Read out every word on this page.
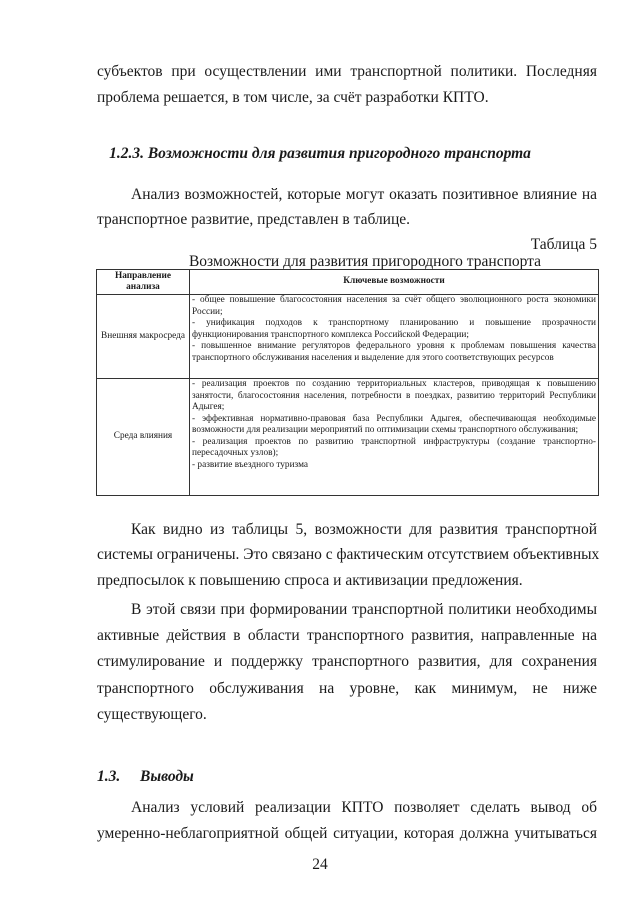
субъектов при осуществлении ими транспортной политики. Последняя
проблема решается, в том числе, за счёт разработки КПТО.
1.2.3. Возможности для развития пригородного транспорта
Анализ возможностей, которые могут оказать позитивное влияние на
транспортное развитие, представлен в таблице.
Таблица 5
Возможности для развития пригородного транспорта
Направление анализа	Ключевые возможности
Внешняя макросреда	- общее повышение благосостояния населения за счёт общего эволюционного роста экономики России;
- унификация подходов к транспортному планированию и повышение прозрачности функционирования транспортного комплекса Российской Федерации;
- повышенное внимание регуляторов федерального уровня к проблемам повышения качества транспортного обслуживания населения и выделение для этого соответствующих ресурсов

Среда влияния	- реализация проектов по созданию территориальных кластеров, приводящая к повышению занятости, благосостояния населения, потребности в поездках, развитию территорий Республики Адыгея;
- эффективная нормативно-правовая база Республики Адыгея, обеспечивающая необходимые возможности для реализации мероприятий по оптимизации схемы транспортного обслуживания;
- реализация проектов по развитию транспортной инфраструктуры (создание транспортно-пересадочных узлов);
- развитие въездного туризма
Как видно из таблицы 5, возможности для развития транспортной
системы ограничены. Это связано с фактическим отсутствием объективных
предпосылок к повышению спроса и активизации предложения.
В этой связи при формировании транспортной политики необходимы
активные действия в области транспортного развития, направленные на
стимулирование и поддержку транспортного развития, для сохранения
транспортного обслуживания на уровне, как минимум, не ниже
существующего.
1.3. Выводы
Анализ условий реализации КПТО позволяет сделать вывод об
умеренно-неблагоприятной общей ситуации, которая должна учитываться
24
